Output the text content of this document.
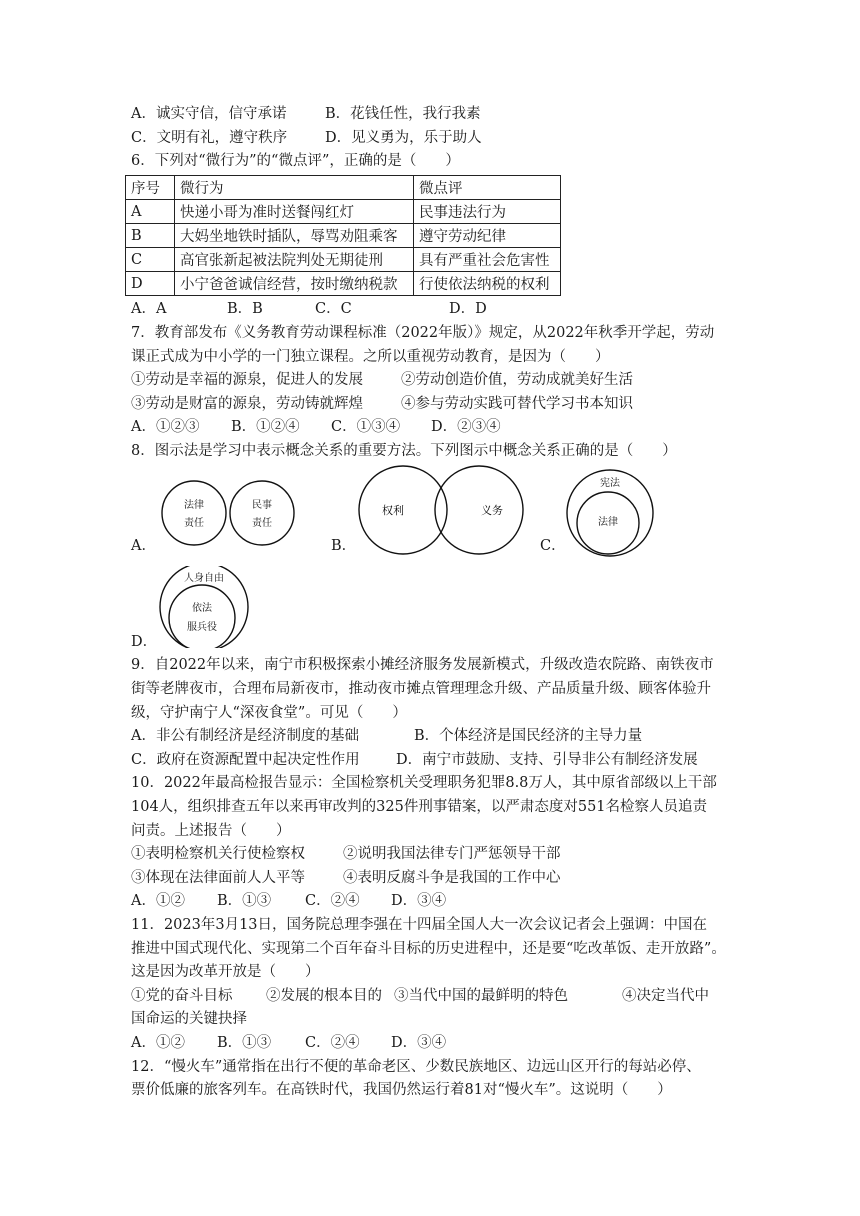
A．诚实守信，信守承诺	B．花钱任性，我行我素
C．文明有礼，遵守秩序	D．见义勇为，乐于助人
6．下列对“微行为”的“微点评”，正确的是（　　）
序号	微行为	微点评
A	快递小哥为准时送餐闯红灯	民事违法行为
B	大妈坐地铁时插队，辱骂劝阻乘客	遵守劳动纪律
C	高官张新起被法院判处无期徒刑	具有严重社会危害性
D	小宁爸爸诚信经营，按时缴纳税款	行使依法纳税的权利
A．A	B．B	C．C	D．D
7．教育部发布《义务教育劳动课程标准（2022年版）》规定，从2022年秋季开学起，劳动
课正式成为中小学的一门独立课程。之所以重视劳动教育，是因为（　　）
①劳动是幸福的源泉，促进人的发展	②劳动创造价值，劳动成就美好生活
③劳动是财富的源泉，劳动铸就辉煌	④参与劳动实践可替代学习书本知识
A．①②③ B．①②④ C．①③④ D．②③④
8．图示法是学习中表示概念关系的重要方法。下列图示中概念关系正确的是（　　）
A．	B．	C．
D．
法律
责任
民事
责任
权利	义务
宪法
法律
人身自由
依法
服兵役
9．自2022年以来，南宁市积极探索小摊经济服务发展新模式，升级改造农院路、南铁夜市
街等老牌夜市，合理布局新夜市，推动夜市摊点管理理念升级、产品质量升级、顾客体验升
级，守护南宁人“深夜食堂”。可见（　　）
A．非公有制经济是经济制度的基础	B．个体经济是国民经济的主导力量
C．政府在资源配置中起决定性作用	D．南宁市鼓励、支持、引导非公有制经济发展
10．2022年最高检报告显示：全国检察机关受理职务犯罪8.8万人，其中原省部级以上干部
104人，组织排查五年以来再审改判的325件刑事错案，以严肃态度对551名检察人员追责
问责。上述报告（　　）
①表明检察机关行使检察权	②说明我国法律专门严惩领导干部
③体现在法律面前人人平等	④表明反腐斗争是我国的工作中心
A．①② B．①③ C．②④ D．③④
11．2023年3月13日，国务院总理李强在十四届全国人大一次会议记者会上强调：中国在
推进中国式现代化、实现第二个百年奋斗目标的历史进程中，还是要“吃改革饭、走开放路”。
这是因为改革开放是（　　）
①党的奋斗目标 ②发展的根本目的 ③当代中国的最鲜明的特色	④决定当代中
国命运的关键抉择
A．①② B．①③ C．②④ D．③④
12．“慢火车”通常指在出行不便的革命老区、少数民族地区、边远山区开行的每站必停、
票价低廉的旅客列车。在高铁时代，我国仍然运行着81对“慢火车”。这说明（　　）
